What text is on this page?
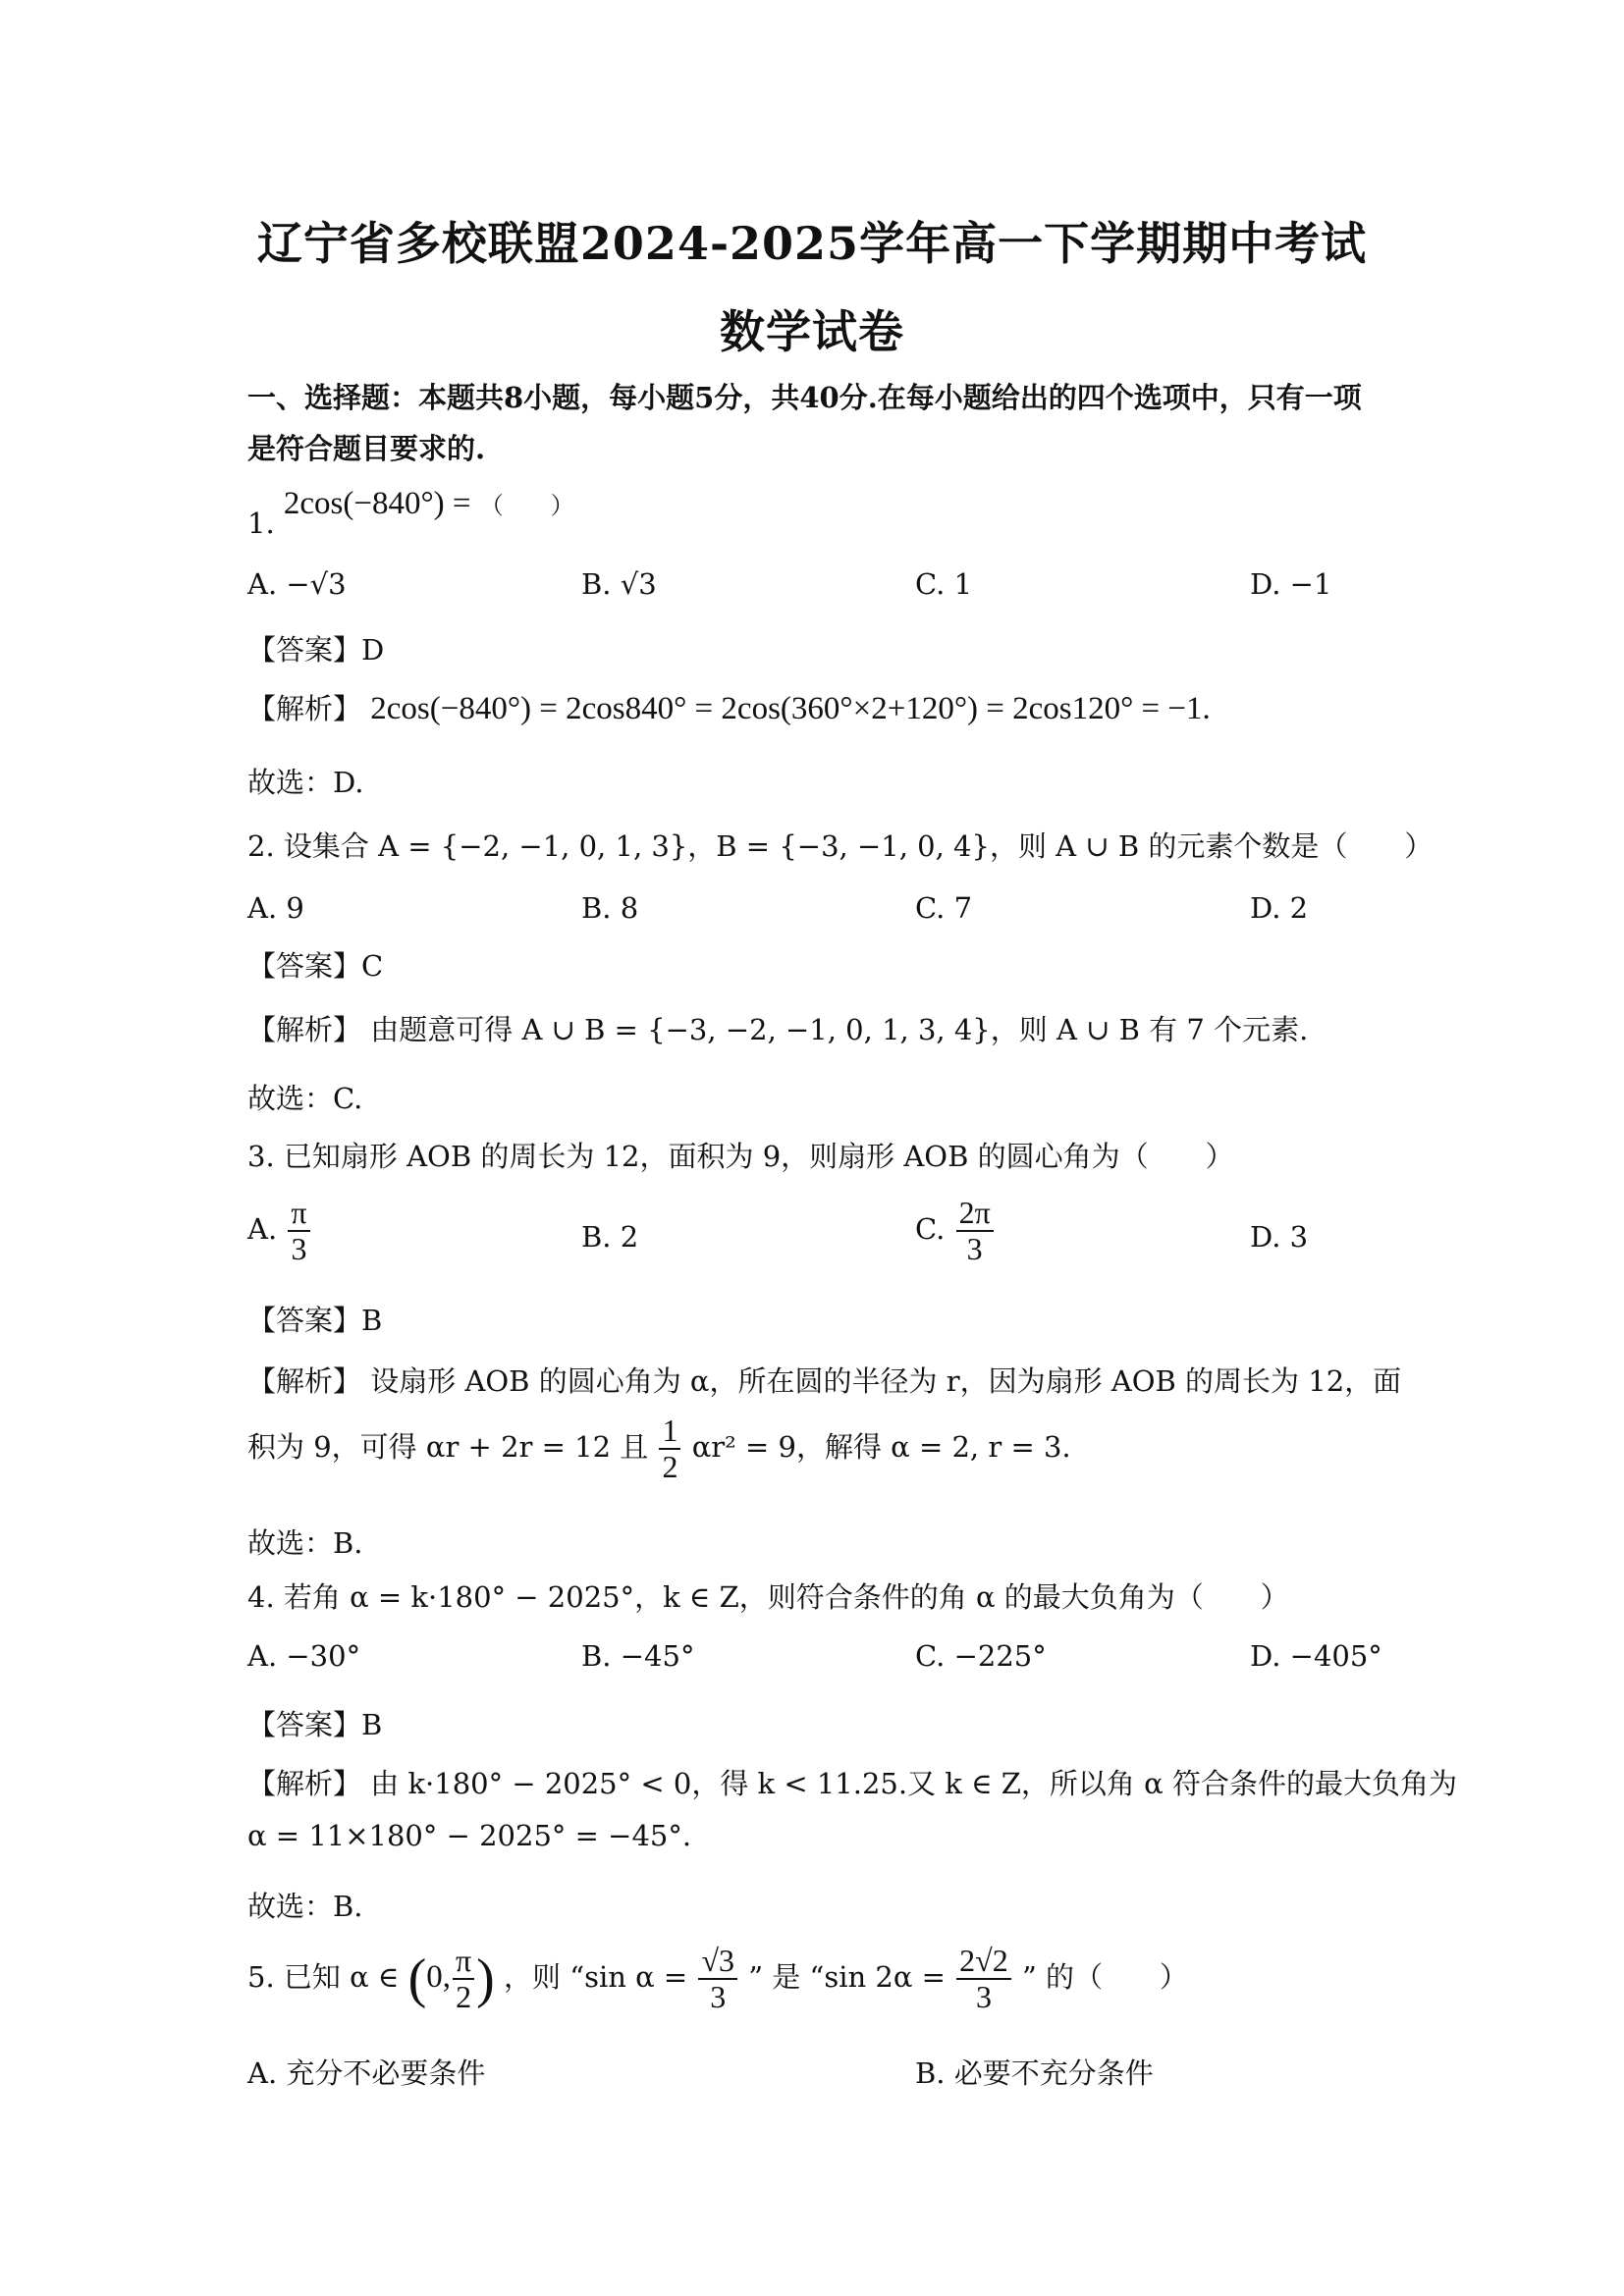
辽宁省多校联盟2024-2025学年高一下学期期中考试
数学试卷
一、选择题：本题共8小题，每小题5分，共40分.在每小题给出的四个选项中，只有一项
是符合题目要求的.
1. 2cos(−840°) = （　　）
A. −√3	B. √3	C. 1	D. −1
【答案】D
【解析】 2cos(−840°) = 2cos840° = 2cos(360°×2+120°) = 2cos120° = −1.
故选：D.
2. 设集合 A = {−2, −1, 0, 1, 3}，B = {−3, −1, 0, 4}，则 A ∪ B 的元素个数是（　　）
A. 9	B. 8	C. 7	D. 2
【答案】C
【解析】 由题意可得 A ∪ B = {−3, −2, −1, 0, 1, 3, 4}，则 A ∪ B 有 7 个元素.
故选：C.
3. 已知扇形 AOB 的周长为 12，面积为 9，则扇形 AOB 的圆心角为（　　）
A. $\frac{\pi}{3}$	B. 2	C. $\frac{2\pi}{3}$	D. 3
【答案】B
【解析】 设扇形 AOB 的圆心角为 α，所在圆的半径为 r，因为扇形 AOB 的周长为 12，面
积为 9，可得 αr + 2r = 12 且 $\frac{1}{2} \alpha r^2 = 9$，解得 α = 2, r = 3.
故选：B.
4. 若角 α = k·180° − 2025°，k ∈ Z，则符合条件的角 α 的最大负角为（　　）
A. −30°	B. −45°	C. −225°	D. −405°
【答案】B
【解析】 由 k·180° − 2025° < 0，得 k < 11.25.又 k ∈ Z，所以角 α 符合条件的最大负角为
α = 11×180° − 2025° = −45°.
故选：B.
5. 已知 α ∈ (0, $\frac{\pi}{2}$ ) ，则 “sin $\alpha = \frac{√3}{3}$ ” 是 “sin $2\alpha = \frac{2√2}{3}$ ” 的（　　）
A. 充分不必要条件	B. 必要不充分条件
